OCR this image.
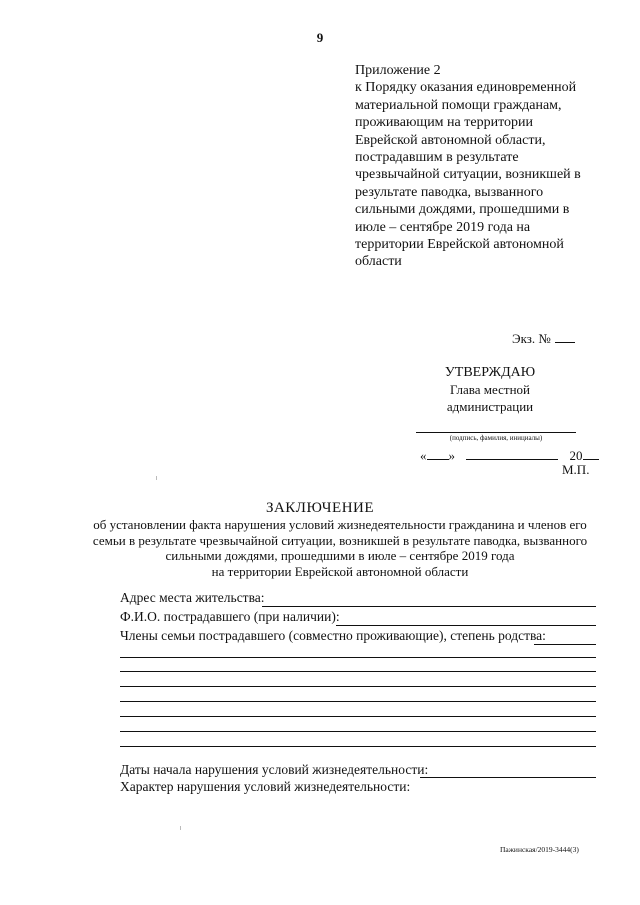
9
Приложение 2
к Порядку оказания единовременной
материальной помощи гражданам,
проживающим на территории
Еврейской автономной области,
пострадавшим в результате
чрезвычайной ситуации, возникшей в
результате паводка, вызванного
сильными дождями, прошедшими в
июле – сентябре 2019 года на
территории Еврейской автономной
области
Экз. №
УТВЕРЖДАЮ
Глава местной
администрации
(подпись, фамилия, инициалы)
« »	20
М.П.
ЗАКЛЮЧЕНИЕ
об установлении факта нарушения условий жизнедеятельности гражданина и членов его
семьи в результате чрезвычайной ситуации, возникшей в результате паводка, вызванного
сильными дождями, прошедшими в июле – сентябре 2019 года
на территории Еврейской автономной области
Адрес места жительства:
Ф.И.О. пострадавшего (при наличии):
Члены семьи пострадавшего (совместно проживающие), степень родства:
Даты начала нарушения условий жизнедеятельности:
Характер нарушения условий жизнедеятельности:
Пажинская/2019-3444(3)
